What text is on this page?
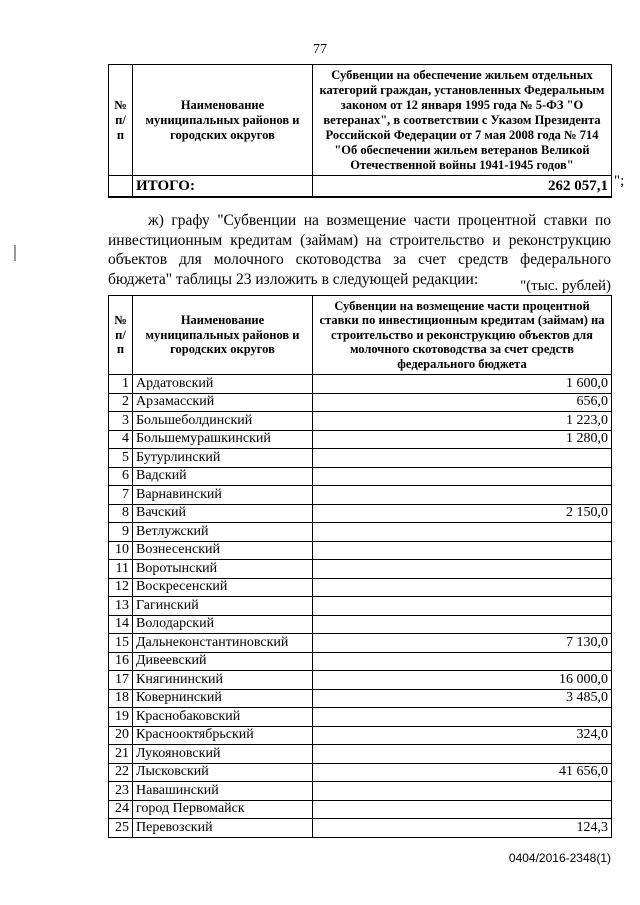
77
№
п/п	Наименование муниципальных районов и городских округов	Субвенции на обеспечение жильем отдельных категорий граждан, установленных Федеральным законом от 12 января 1995 года № 5-ФЗ "О ветеранах", в соответствии с Указом Президента Российской Федерации от 7 мая 2008 года № 714 "Об обеспечении жильем ветеранов Великой Отечественной войны 1941-1945 годов"
	ИТОГО:	262 057,1 ";

ж) графу "Субвенции на возмещение части процентной ставки по инвестиционным кредитам (займам) на строительство и реконструкцию объектов для молочного скотоводства за счет средств федерального бюджета" таблицы 23 изложить в следующей редакции:	"(тыс. рублей)
№
п/п	Наименование муниципальных районов и городских округов	Субвенции на возмещение части процентной ставки по инвестиционным кредитам (займам) на строительство и реконструкцию объектов для молочного скотоводства за счет средств федерального бюджета
1	Ардатовский	1 600,0
2	Арзамасский	656,0
3	Большеболдинский	1 223,0
4	Большемурашкинский	1 280,0
5	Бутурлинский	
6	Вадский	
7	Варнавинский	
8	Вачский	2 150,0
9	Ветлужский	
10	Вознесенский	
11	Воротынский	
12	Воскресенский	
13	Гагинский	
14	Володарский	
15	Дальнеконстантиновский	7 130,0
16	Дивеевский	
17	Княгининский	16 000,0
18	Ковернинский	3 485,0
19	Краснобаковский	
20	Краснооктябрьский	324,0
21	Лукояновский	
22	Лысковский	41 656,0
23	Навашинский	
24	город Первомайск	
25	Перевозский	124,3
0404/2016-2348(1)
